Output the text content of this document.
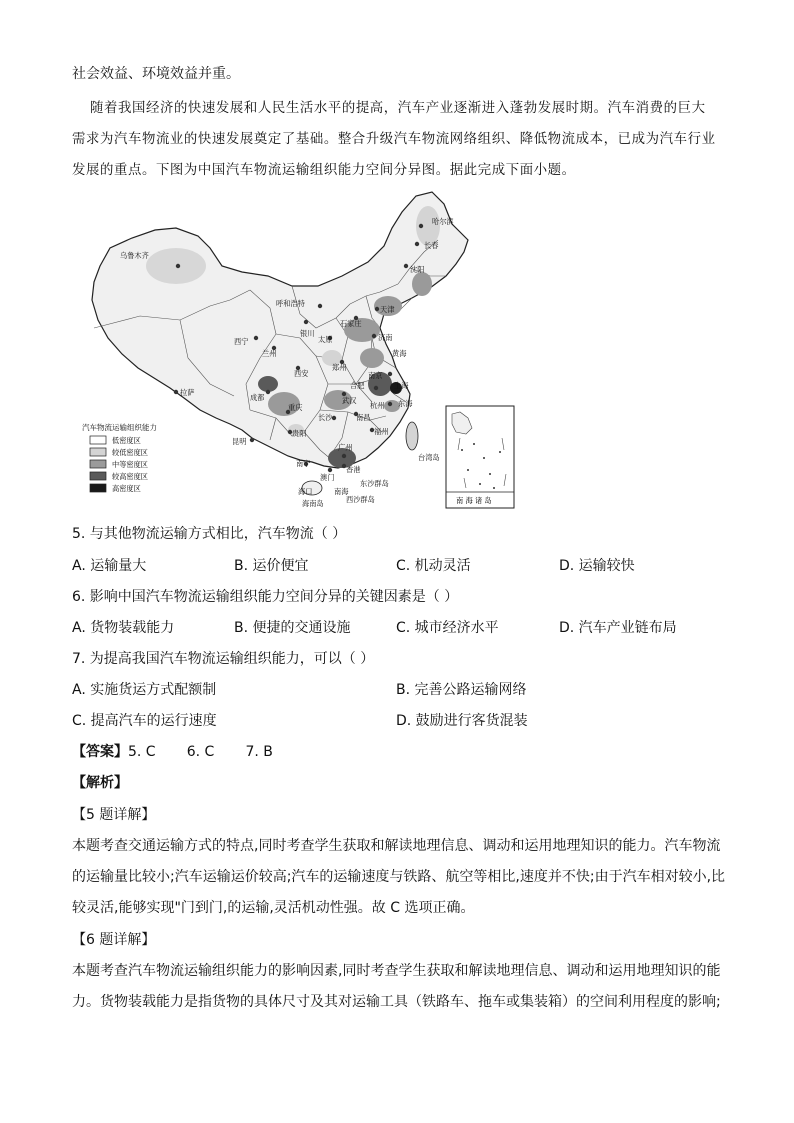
社会效益、环境效益并重。
随着我国经济的快速发展和人民生活水平的提高，汽车产业逐渐进入蓬勃发展时期。汽车消费的巨大
需求为汽车物流业的快速发展奠定了基础。整合升级汽车物流网络组织、降低物流成本，已成为汽车行业
发展的重点。下图为中国汽车物流运输组织能力空间分异图。据此完成下面小题。
乌鲁木齐
哈尔滨
长春
沈阳
呼和浩特
天津
银川
石家庄
太原	济南
西宁
兰州	黄海
西安
郑州
南京
上海
拉萨
合肥
成都	武汉
杭州 东海
重庆
长沙	南昌
贵阳	福州
昆明
广州
台湾岛
南宁
香港
澳门
海口	南海
东沙群岛
西沙群岛
海南岛
汽车物流运输组织能力
低密度区
较低密度区
中等密度区
较高密度区
高密度区
南 海 诸 岛
5. 与其他物流运输方式相比，汽车物流（ ）
A. 运输量大	B. 运价便宜	C. 机动灵活	D. 运输较快
6. 影响中国汽车物流运输组织能力空间分异的关键因素是（ ）
A. 货物装载能力	B. 便捷的交通设施	C. 城市经济水平	D. 汽车产业链布局
7. 为提高我国汽车物流运输组织能力，可以（ ）
A. 实施货运方式配额制	B. 完善公路运输网络
C. 提高汽车的运行速度	D. 鼓励进行客货混装
【答案】5. C       6. C       7. B
【解析】
【5 题详解】
本题考查交通运输方式的特点,同时考查学生获取和解读地理信息、调动和运用地理知识的能力。汽车物流
的运输量比较小;汽车运输运价较高;汽车的运输速度与铁路、航空等相比,速度并不快;由于汽车相对较小,比
较灵活,能够实现"门到门,的运输,灵活机动性强。故 C 选项正确。
【6 题详解】
本题考查汽车物流运输组织能力的影响因素,同时考查学生获取和解读地理信息、调动和运用地理知识的能
力。货物装载能力是指货物的具体尺寸及其对运输工具（铁路车、拖车或集装箱）的空间利用程度的影响;
